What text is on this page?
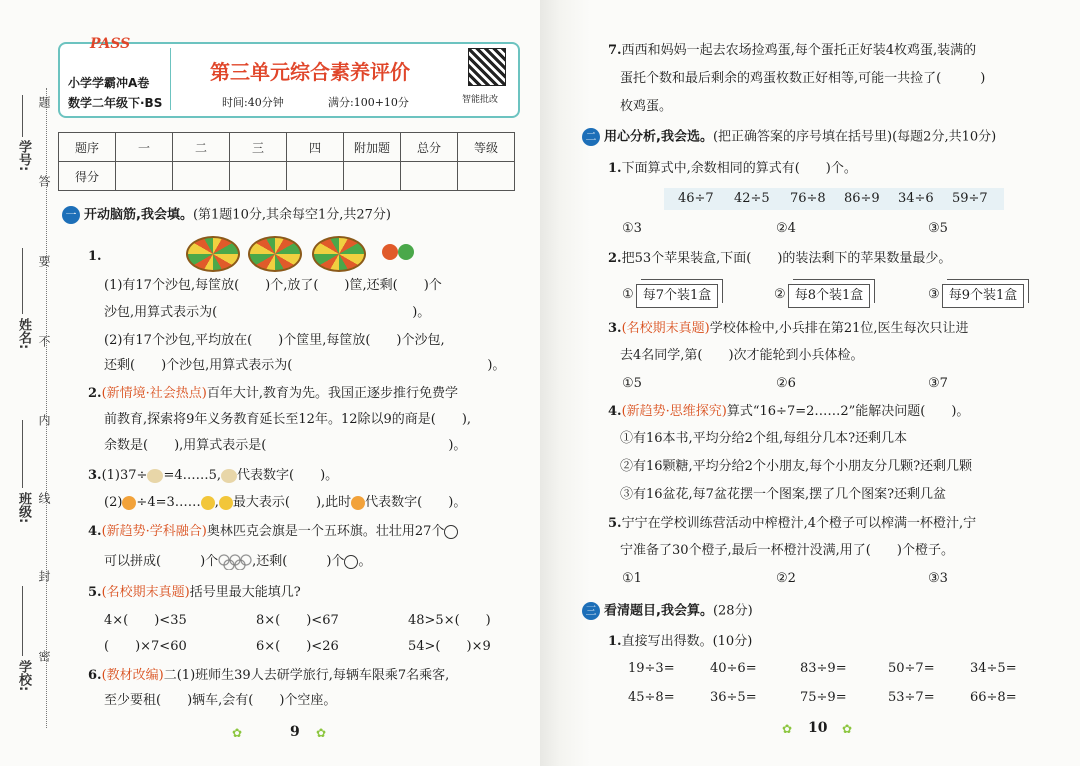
学号:
姓名:
班级:
学校:
题
答
要
不
内
线
封
密
PASS
小学学霸冲A卷
数学二年级下·BS
第三单元综合素养评价
时间:40分钟	满分:100+10分	智能批改
题序	一	二	三	四	附加题	总分	等级
得分							
一 开动脑筋,我会填。(第1题10分,其余每空1分,共27分)
1.
(1)有17个沙包,每筐放(　　)个,放了(　　)筐,还剩(　　)个
沙包,用算式表示为(　　　　　　　　　　　　　　　)。
(2)有17个沙包,平均放在(　　)个筐里,每筐放(　　)个沙包,
还剩(　　)个沙包,用算式表示为(　　　　　　　　　　　　　　　)。
2.(新情境·社会热点)百年大计,教育为先。我国正逐步推行免费学
前教育,探索将9年义务教育延长至12年。12除以9的商是(　　),
余数是(　　),用算式表示是(　　　　　　　　　　　　　　)。
3.(1)37÷ =4……5, 代表数字(　　)。
(2) ÷4=3…… , 最大表示(　　),此时 代表数字(　　)。
4.(新趋势·学科融合)奥林匹克会旗是一个五环旗。壮壮用27个
可以拼成(　　　)个	,还剩(　　　)个 。
5.(名校期末真题)括号里最大能填几?
4×(　　)<35	8×(　　)<67	48>5×(　　)
(　　)×7<60	6×(　　)<26	54>(　　)×9
6.(教材改编)二(1)班师生39人去研学旅行,每辆车限乘7名乘客,
至少要租(　　)辆车,会有(　　)个空座。
9
✿	✿
7.西西和妈妈一起去农场捡鸡蛋,每个蛋托正好装4枚鸡蛋,装满的
蛋托个数和最后剩余的鸡蛋枚数正好相等,可能一共捡了(　　　)
枚鸡蛋。
二 用心分析,我会选。(把正确答案的序号填在括号里)(每题2分,共10分)
1.下面算式中,余数相同的算式有(　　)个。
46÷7 42÷5 76÷8 86÷9 34÷6 59÷7
①3	②4	③5
2.把53个苹果装盒,下面(　　)的装法剩下的苹果数量最少。
① 每7个装1盒	② 每8个装1盒	③ 每9个装1盒
3.(名校期末真题)学校体检中,小兵排在第21位,医生每次只让进
去4名同学,第(　　)次才能轮到小兵体检。
①5	②6	③7
4.(新趋势·思维探究)算式“16÷7=2……2”能解决问题(　　)。
①有16本书,平均分给2个组,每组分几本?还剩几本
②有16颗糖,平均分给2个小朋友,每个小朋友分几颗?还剩几颗
③有16盆花,每7盆花摆一个图案,摆了几个图案?还剩几盆
5.宁宁在学校训练营活动中榨橙汁,4个橙子可以榨满一杯橙汁,宁
宁准备了30个橙子,最后一杯橙汁没满,用了(　　)个橙子。
①1	②2	③3
三 看清题目,我会算。(28分)
1.直接写出得数。(10分)
19÷3=	40÷6=	83÷9=	50÷7=	34÷5=
45÷8=	36÷5=	75÷9=	53÷7=	66÷8=
10
✿	✿
